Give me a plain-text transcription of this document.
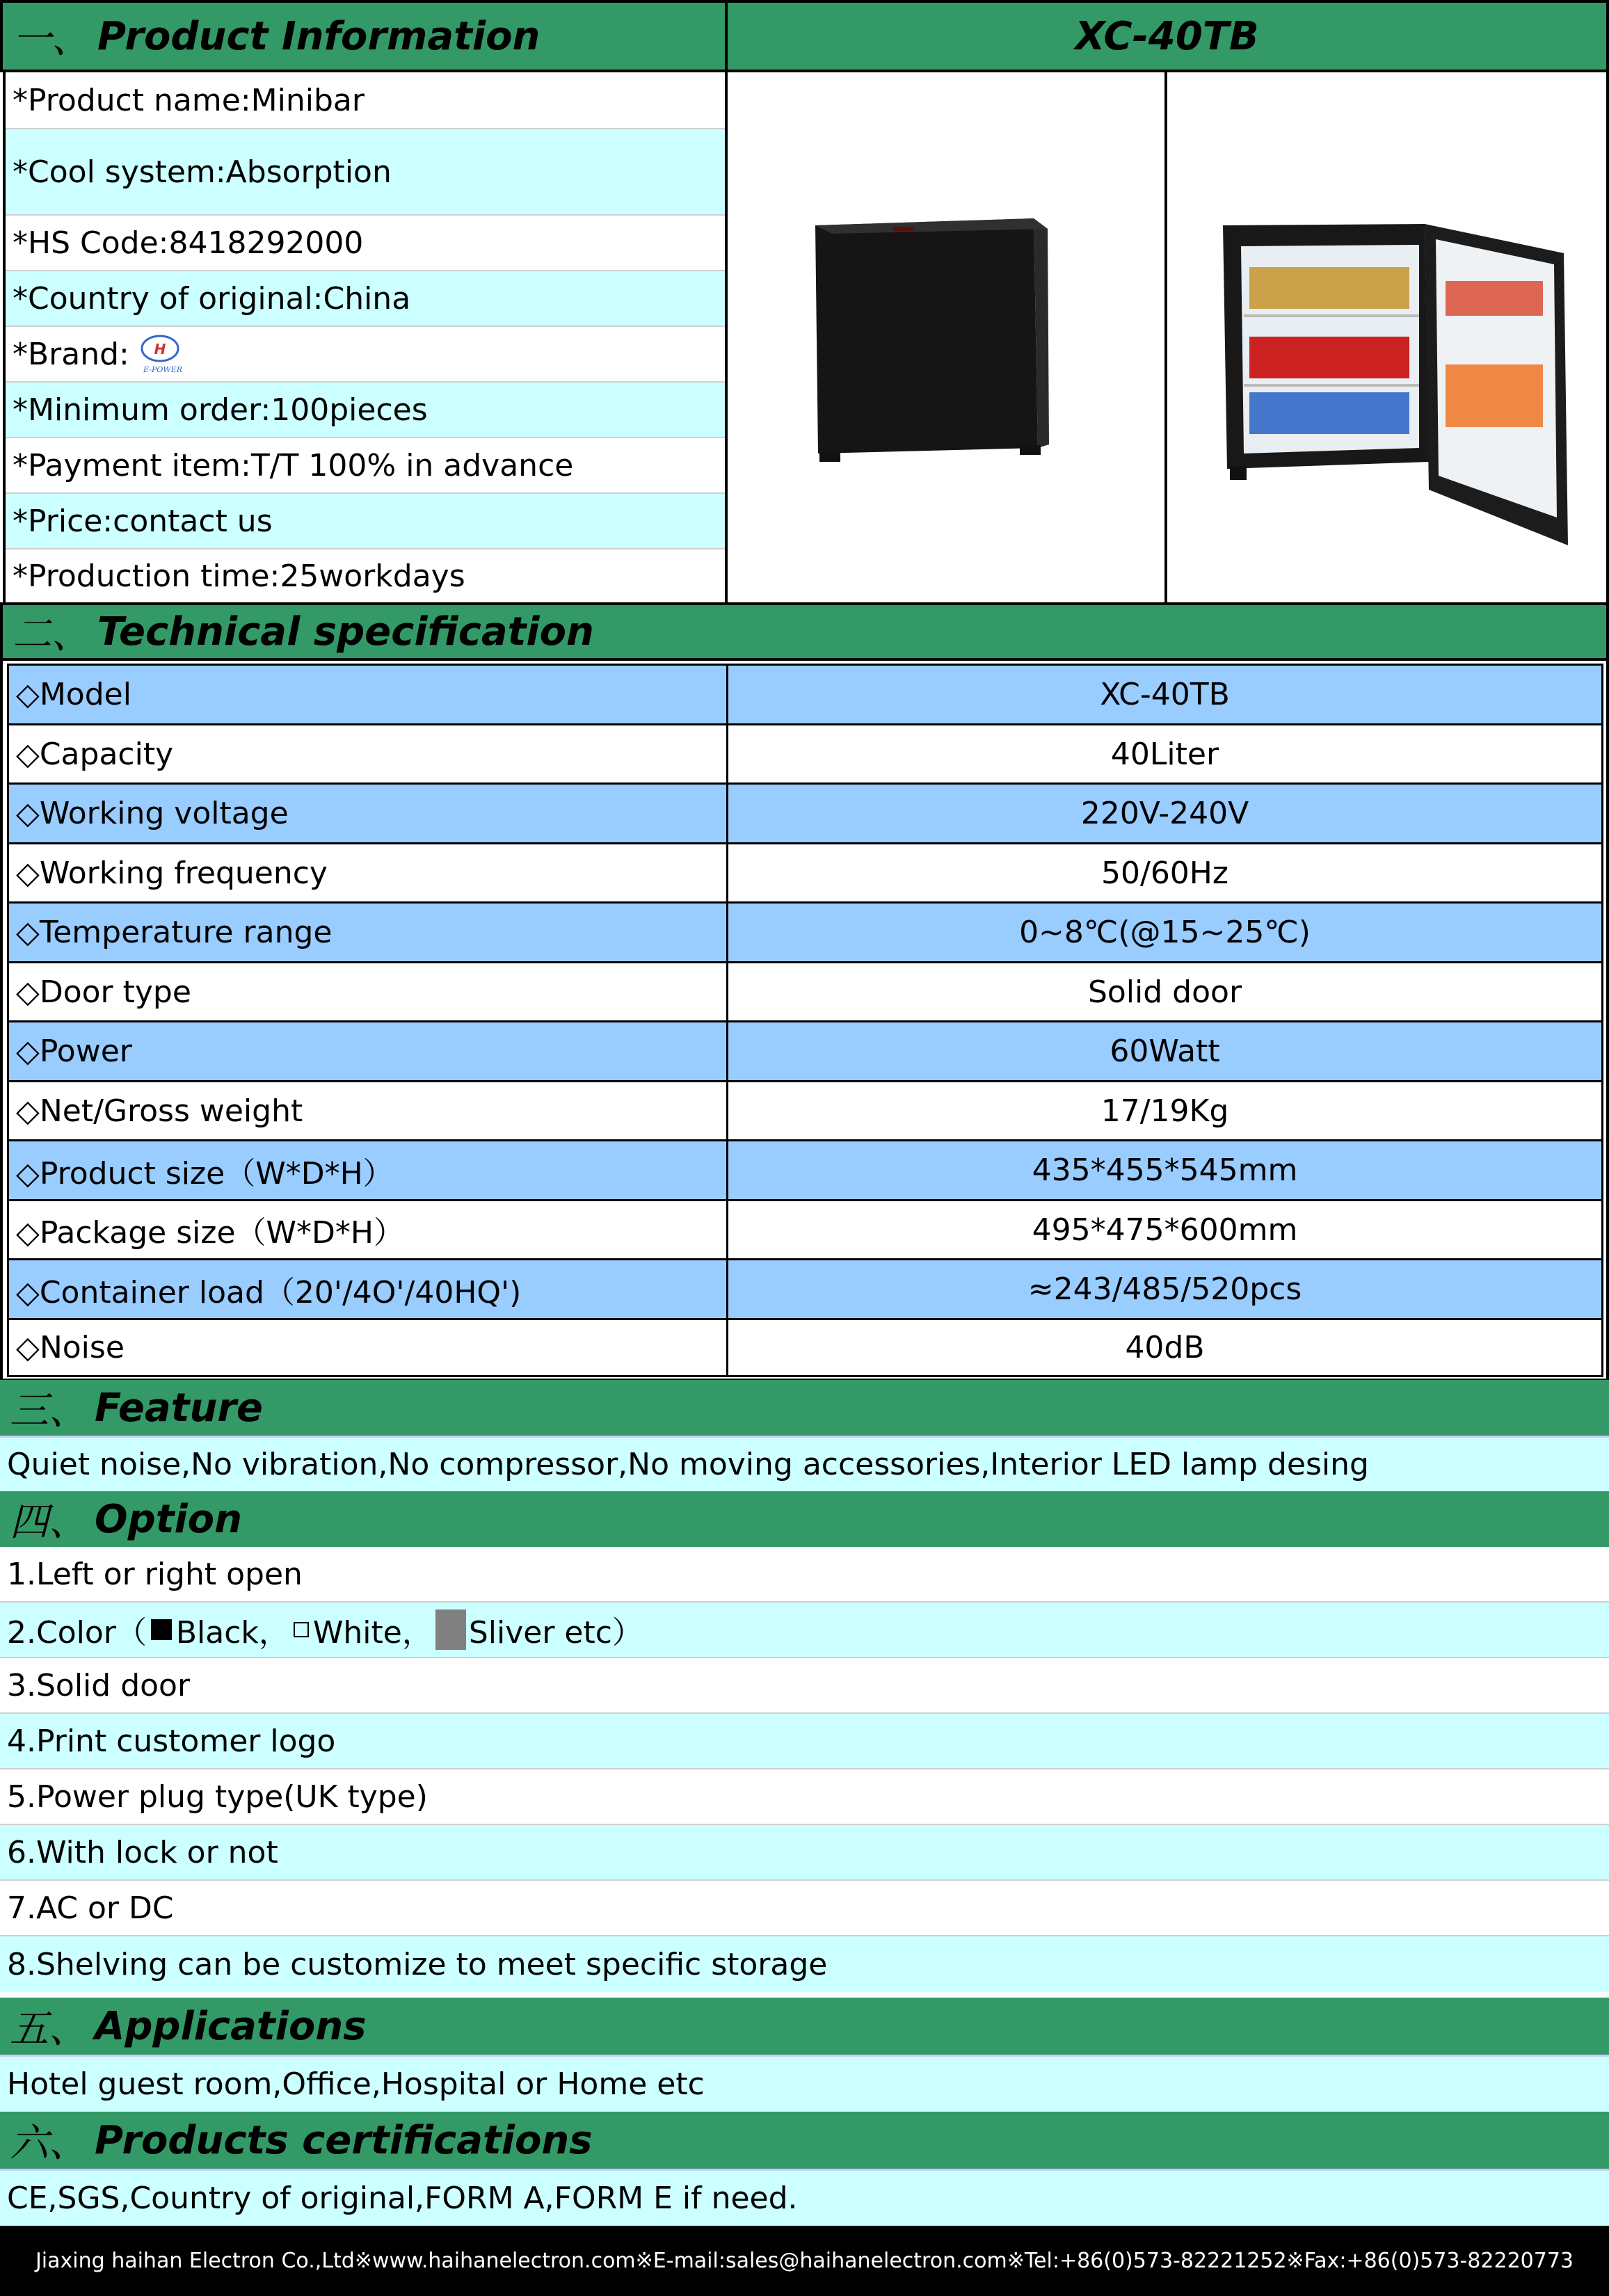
一、 Product Information	XC-40TB
*Product name:Minibar
*Cool system:Absorption
*HS Code:8418292000
*Country of original:China
*Brand: H
E-POWER
*Minimum order:100pieces
*Payment item:T/T 100% in advance
*Price:contact us
*Production time:25workdays
二、 Technical specification
◇Model	XC-40TB
◇Capacity	40Liter
◇Working voltage	220V-240V
◇Working frequency	50/60Hz
◇Temperature range	0~8℃(@15~25℃)
◇Door type	Solid door
◇Power	60Watt
◇Net/Gross weight	17/19Kg
◇Product size（W*D*H）	435*455*545mm
◇Package size（W*D*H）	495*475*600mm
◇Container load（20'/4O'/40HQ')	≈243/485/520pcs
◇Noise	40dB
三、 Feature
Quiet noise,No vibration,No compressor,No moving accessories,Interior LED lamp desing
四、 Option
1.Left or right open
2.Color（ Black， White， Sliver etc）
3.Solid door
4.Print customer logo
5.Power plug type(UK type)
6.With lock or not
7.AC or DC
8.Shelving can be customize to meet specific storage
五、 Applications
Hotel guest room,Office,Hospital or Home etc
六、 Products certifications
CE,SGS,Country of original,FORM A,FORM E if need.
Jiaxing haihan Electron Co.,Ltd※www.haihanelectron.com※E-mail:sales@haihanelectron.com※Tel:+86(0)573-82221252※Fax:+86(0)573-82220773
